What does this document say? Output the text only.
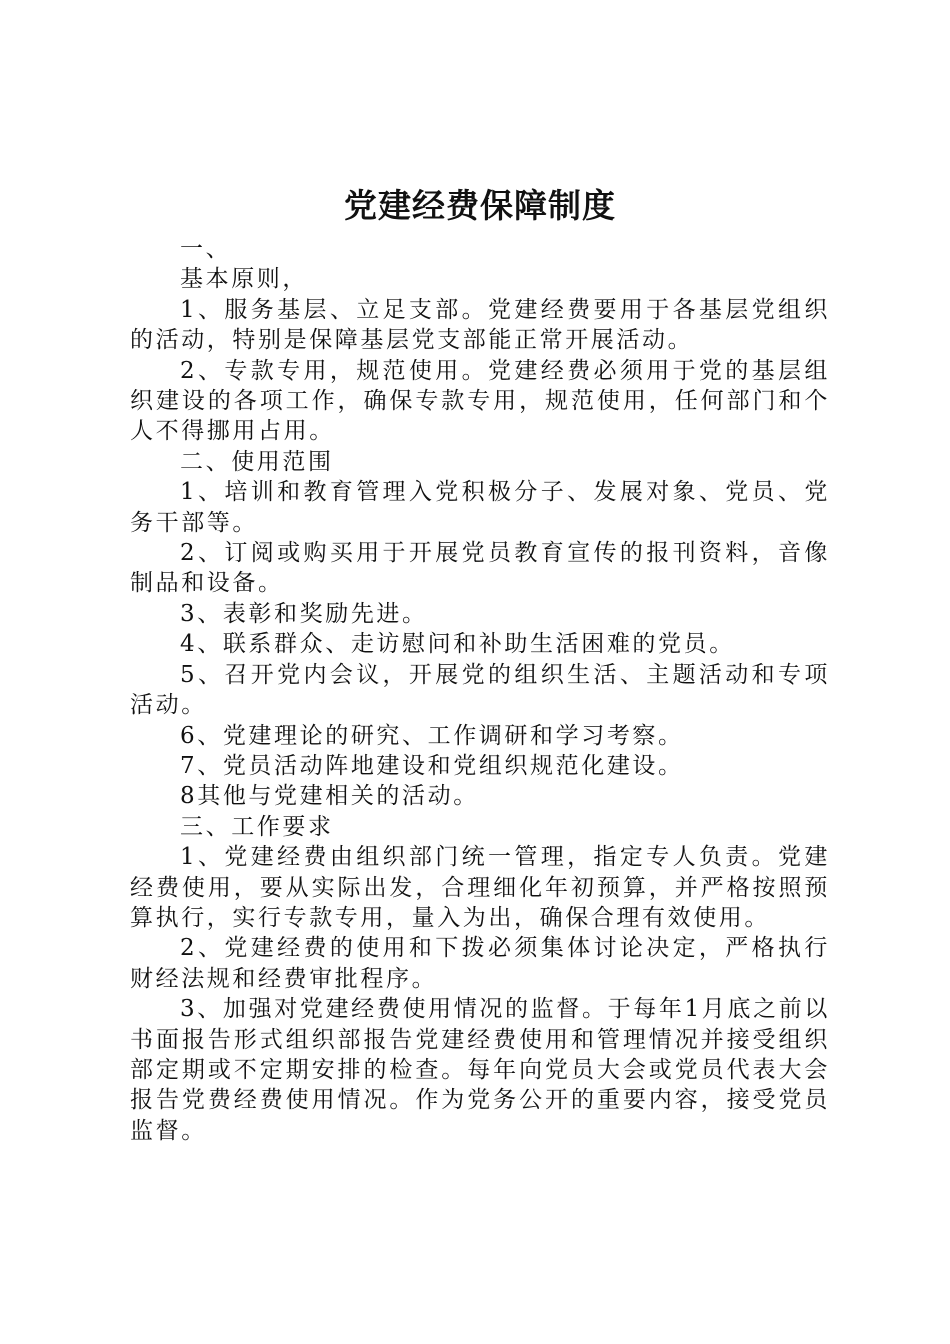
党建经费保障制度

一、

基本原则，

1、服务基层、立足支部。党建经费要用于各基层党组织的活动，特别是保障基层党支部能正常开展活动。

2、专款专用，规范使用。党建经费必须用于党的基层组织建设的各项工作，确保专款专用，规范使用，任何部门和个人不得挪用占用。

二、使用范围

1、培训和教育管理入党积极分子、发展对象、党员、党务干部等。

2、订阅或购买用于开展党员教育宣传的报刊资料，音像制品和设备。

3、表彰和奖励先进。

4、联系群众、走访慰问和补助生活困难的党员。

5、召开党内会议，开展党的组织生活、主题活动和专项活动。

6、党建理论的研究、工作调研和学习考察。

7、党员活动阵地建设和党组织规范化建设。

8其他与党建相关的活动。

三、工作要求

1、党建经费由组织部门统一管理，指定专人负责。党建经费使用，要从实际出发，合理细化年初预算，并严格按照预算执行，实行专款专用，量入为出，确保合理有效使用。

2、党建经费的使用和下拨必须集体讨论决定，严格执行财经法规和经费审批程序。

3、加强对党建经费使用情况的监督。于每年1月底之前以书面报告形式组织部报告党建经费使用和管理情况并接受组织部定期或不定期安排的检查。每年向党员大会或党员代表大会报告党费经费使用情况。作为党务公开的重要内容，接受党员监督。
